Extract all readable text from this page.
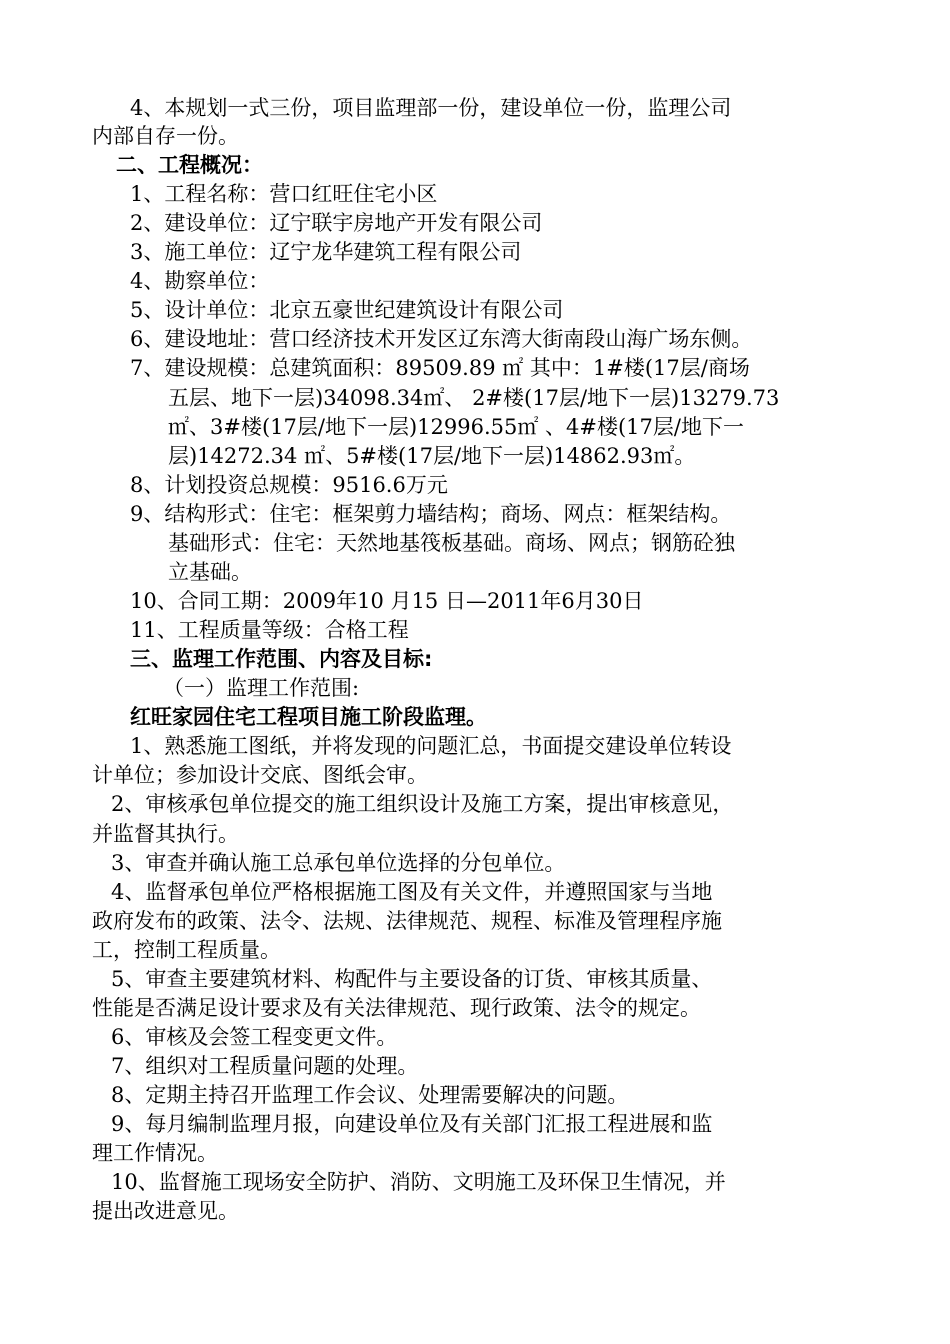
4、本规划一式三份，项目监理部一份，建设单位一份，监理公司
内部自存一份。
二、工程概况：
1、工程名称：营口红旺住宅小区
2、建设单位：辽宁联宇房地产开发有限公司
3、施工单位：辽宁龙华建筑工程有限公司
4、勘察单位：
5、设计单位：北京五豪世纪建筑设计有限公司
6、建设地址：营口经济技术开发区辽东湾大街南段山海广场东侧。
7、建设规模：总建筑面积：89509.89 ㎡ 其中：1#楼(17层/商场
五层、地下一层)34098.34㎡、 2#楼(17层/地下一层)13279.73
㎡、3#楼(17层/地下一层)12996.55㎡ 、4#楼(17层/地下一
层)14272.34 ㎡、5#楼(17层/地下一层)14862.93㎡。
8、计划投资总规模：9516.6万元
9、结构形式：住宅：框架剪力墙结构；商场、网点：框架结构。
基础形式：住宅：天然地基筏板基础。商场、网点；钢筋砼独
立基础。
10、合同工期：2009年10 月15 日—2011年6月30日
11、工程质量等级：合格工程
三、监理工作范围、内容及目标:
（一）监理工作范围:
红旺家园住宅工程项目施工阶段监理。
1、熟悉施工图纸，并将发现的问题汇总，书面提交建设单位转设
计单位；参加设计交底、图纸会审。
2、审核承包单位提交的施工组织设计及施工方案，提出审核意见，
并监督其执行。
3、审查并确认施工总承包单位选择的分包单位。
4、监督承包单位严格根据施工图及有关文件，并遵照国家与当地
政府发布的政策、法令、法规、法律规范、规程、标准及管理程序施
工，控制工程质量。
5、审查主要建筑材料、构配件与主要设备的订货、审核其质量、
性能是否满足设计要求及有关法律规范、现行政策、法令的规定。
6、审核及会签工程变更文件。
7、组织对工程质量问题的处理。
8、定期主持召开监理工作会议、处理需要解决的问题。
9、每月编制监理月报，向建设单位及有关部门汇报工程进展和监
理工作情况。
10、监督施工现场安全防护、消防、文明施工及环保卫生情况，并
提出改进意见。
